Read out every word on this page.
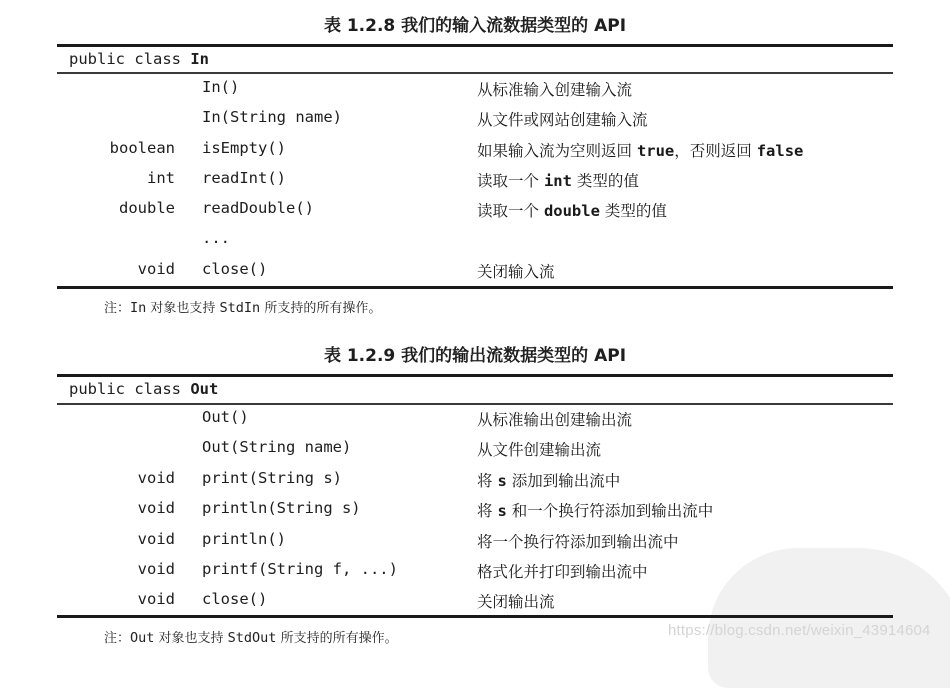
表 1.2.8 我们的输入流数据类型的 API
public class In
In()	从标准输入创建输入流
In(String name)	从文件或网站创建输入流
boolean isEmpty()	如果输入流为空则返回 true，否则返回 false
int readInt()	读取一个 int 类型的值
double readDouble()	读取一个 double 类型的值
...
void close()	关闭输入流
注：In 对象也支持 StdIn 所支持的所有操作。
表 1.2.9 我们的输出流数据类型的 API
public class Out
Out()	从标准输出创建输出流
Out(String name)	从文件创建输出流
void print(String s)	将 s 添加到输出流中
void println(String s)	将 s 和一个换行符添加到输出流中
void println()	将一个换行符添加到输出流中
void printf(String f, ...)	格式化并打印到输出流中
void close()	关闭输出流
注：Out 对象也支持 StdOut 所支持的所有操作。	https://blog.csdn.net/weixin_43914604
